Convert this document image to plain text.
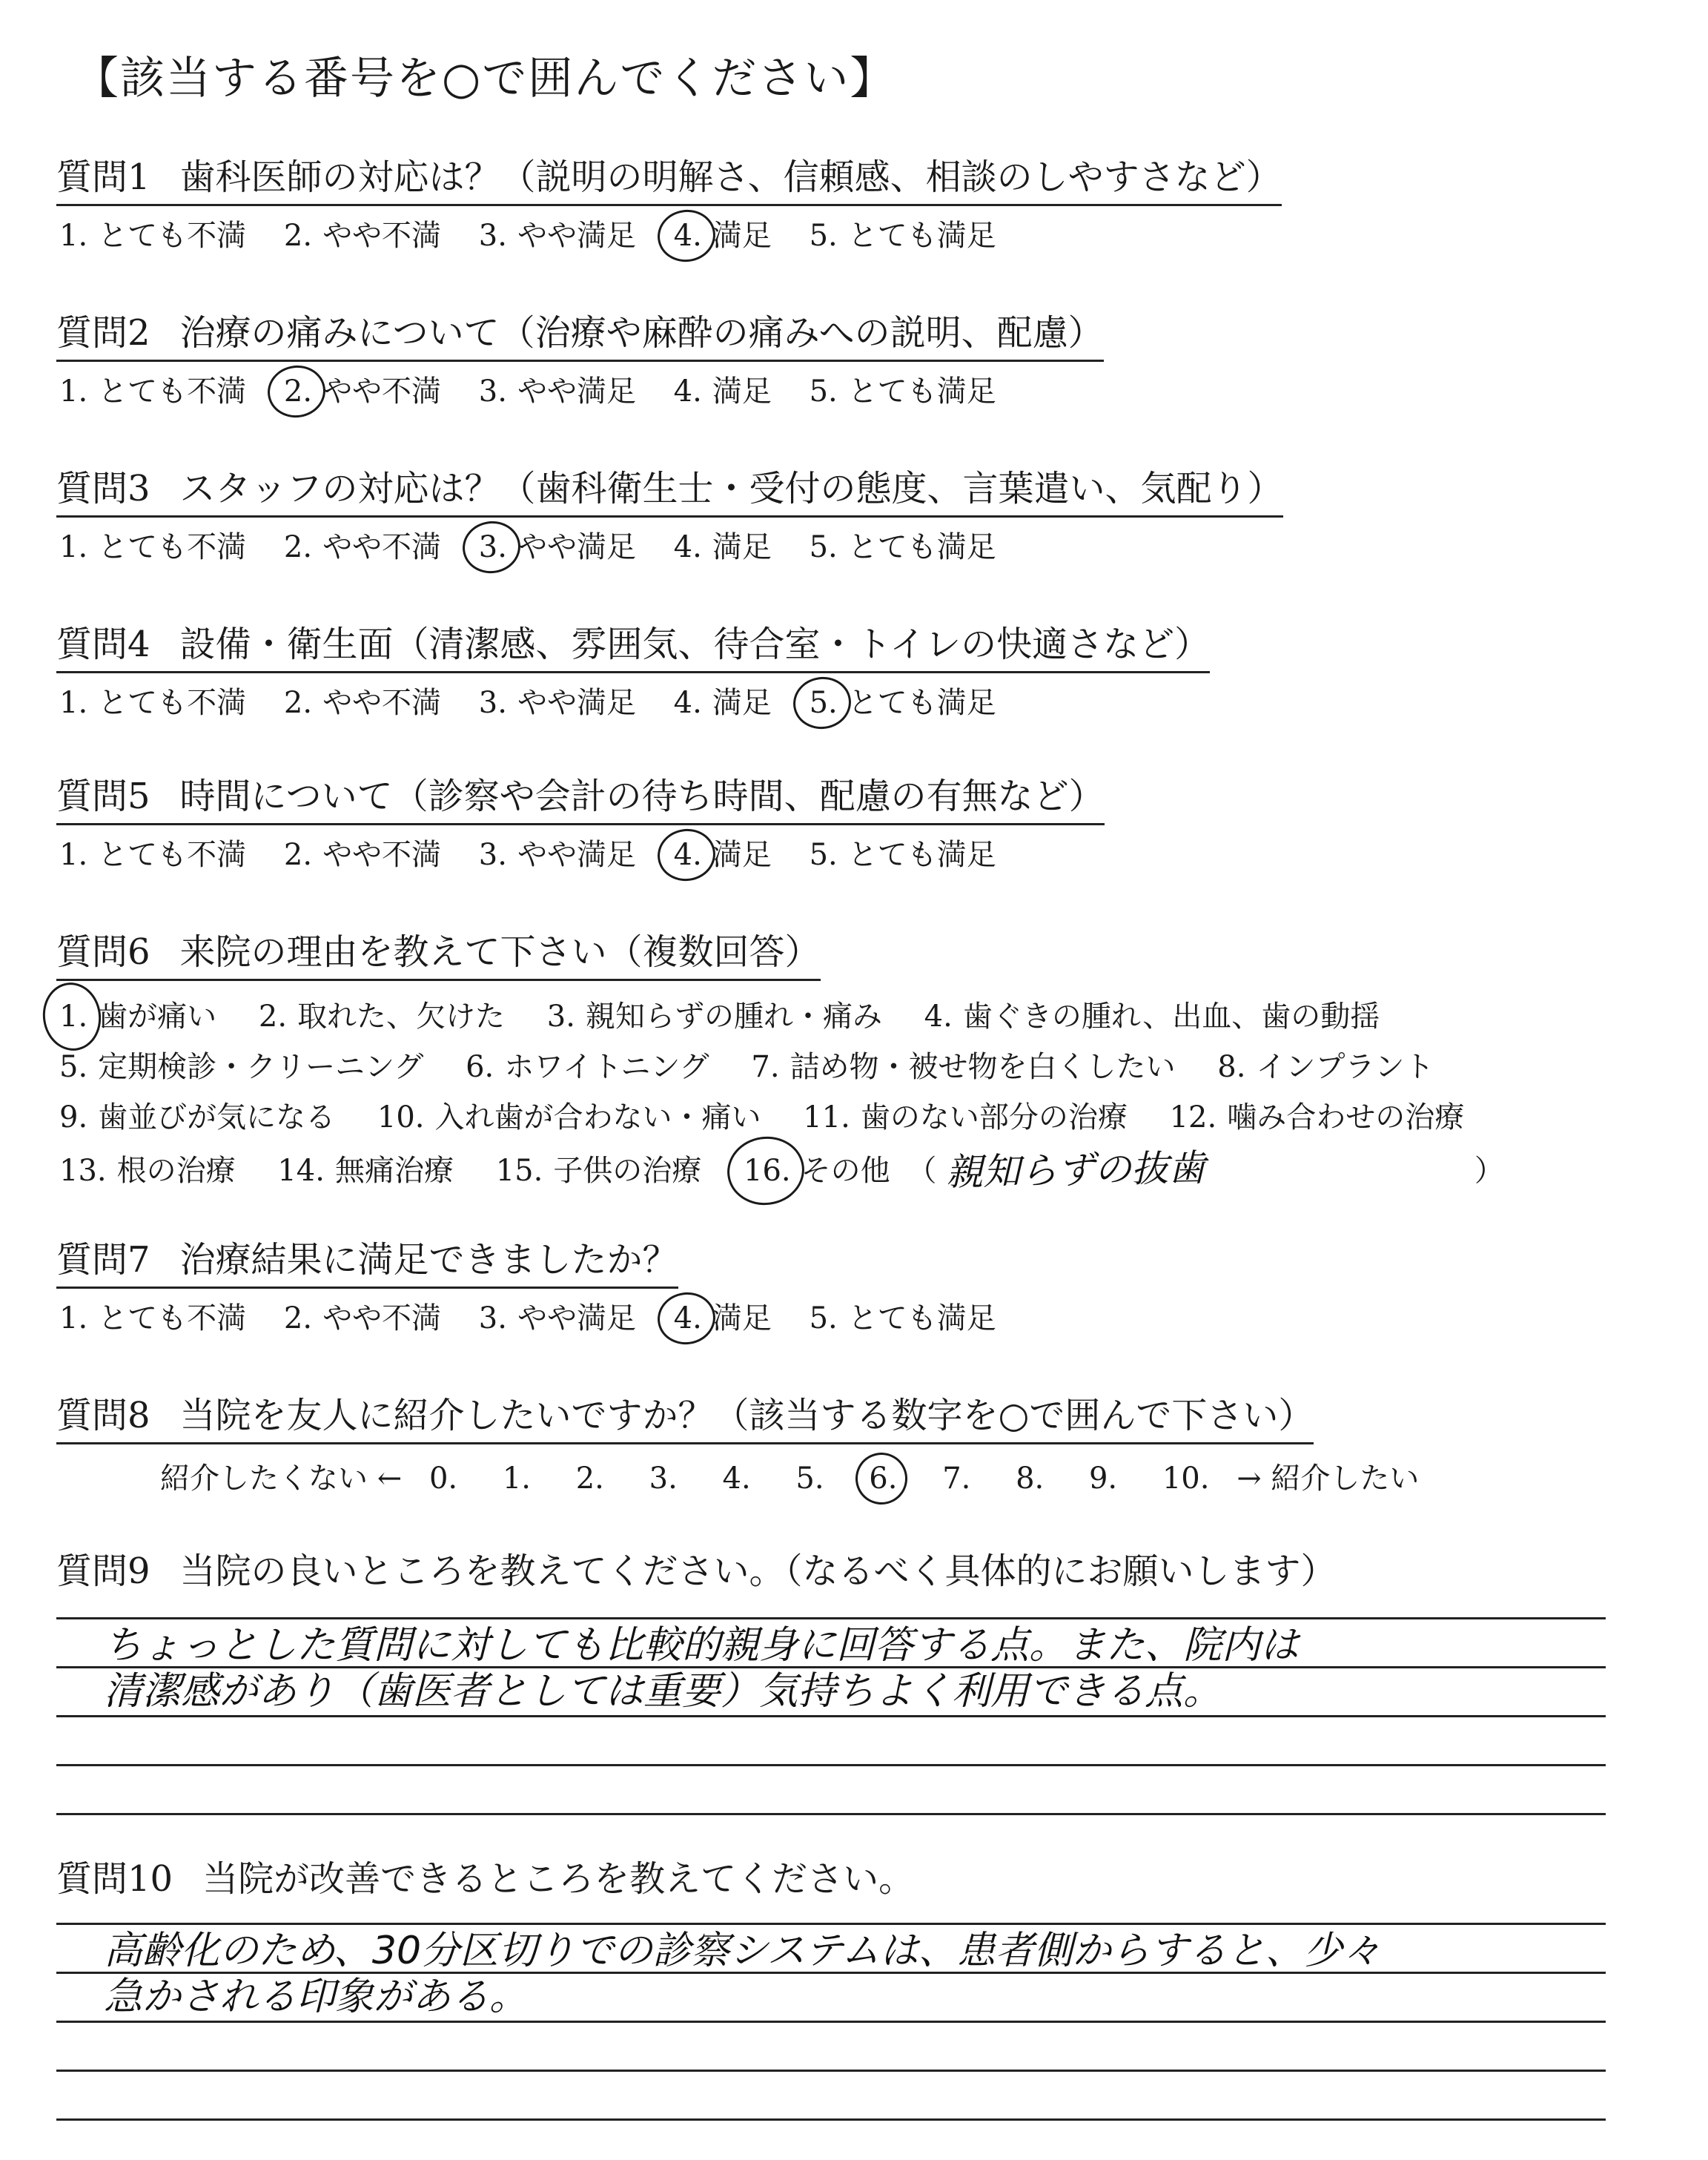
【該当する番号を○で囲んでください】
質問1 歯科医師の対応は？（説明の明解さ、信頼感、相談のしやすさなど）
1. とても不満 2. やや不満 3. やや満足 4. 満足 5. とても満足
質問2 治療の痛みについて（治療や麻酔の痛みへの説明、配慮）
1. とても不満 2. やや不満 3. やや満足 4. 満足 5. とても満足
質問3 スタッフの対応は？（歯科衛生士・受付の態度、言葉遣い、気配り）
1. とても不満 2. やや不満 3. やや満足 4. 満足 5. とても満足
質問4 設備・衛生面（清潔感、雰囲気、待合室・トイレの快適さなど）
1. とても不満 2. やや不満 3. やや満足 4. 満足 5. とても満足
質問5 時間について（診察や会計の待ち時間、配慮の有無など）
1. とても不満 2. やや不満 3. やや満足 4. 満足 5. とても満足
質問6 来院の理由を教えて下さい（複数回答）
1. 歯が痛い 2. 取れた、欠けた 3. 親知らずの腫れ・痛み 4. 歯ぐきの腫れ、出血、歯の動揺
5. 定期検診・クリーニング 6. ホワイトニング 7. 詰め物・被せ物を白くしたい 8. インプラント
9. 歯並びが気になる 10. 入れ歯が合わない・痛い 11. 歯のない部分の治療 12. 噛み合わせの治療
13. 根の治療 14. 無痛治療 15. 子供の治療 16. その他 （ 親知らずの抜歯	）
質問7 治療結果に満足できましたか？
1. とても不満 2. やや不満 3. やや満足 4. 満足 5. とても満足
質問8 当院を友人に紹介したいですか？（該当する数字を○で囲んで下さい）
紹介したくない ← 0. 1. 2. 3. 4. 5. 6. 7. 8. 9. 10. → 紹介したい
質問9 当院の良いところを教えてください。（なるべく具体的にお願いします）
ちょっとした質問に対しても比較的親身に回答する点。また、院内は
清潔感があり（歯医者としては重要）気持ちよく利用できる点。
質問10 当院が改善できるところを教えてください。
高齢化のため、30分区切りでの診察システムは、患者側からすると、少々
急かされる印象がある。
